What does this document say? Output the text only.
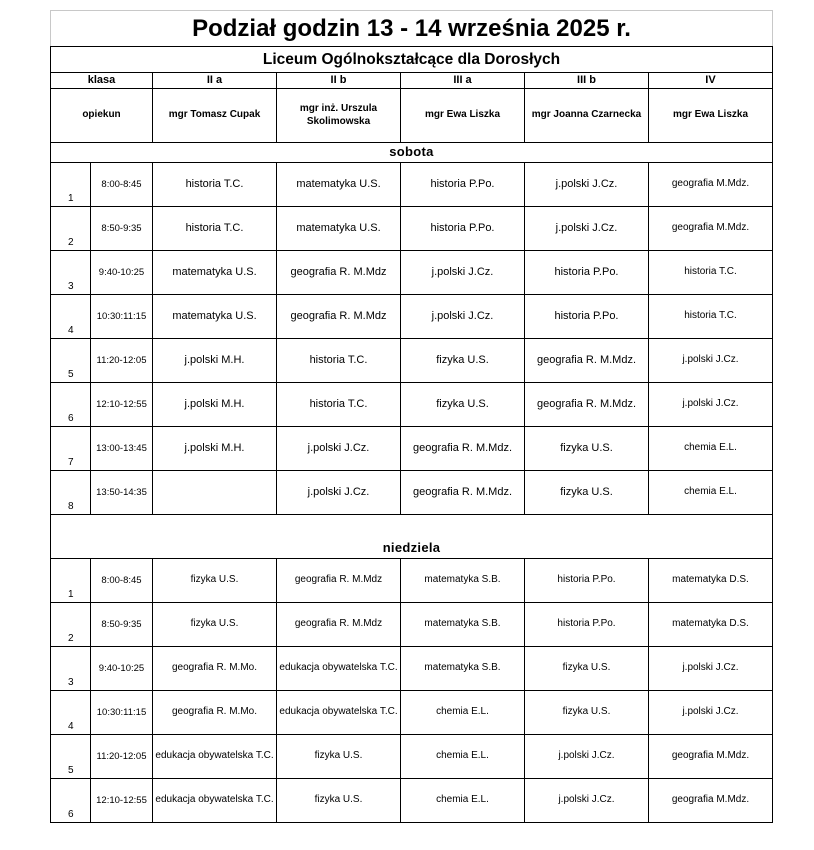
Podział godzin 13 - 14 września 2025 r.						
Liceum Ogólnokształcące dla Dorosłych						
klasa		II a	II b	III a	III b	IV
opiekun		mgr Tomasz Cupak	mgr inż. Urszula Skolimowska	mgr Ewa Liszka	mgr Joanna Czarnecka	mgr Ewa Liszka
sobota						
1	8:00-8:45	historia T.C.	matematyka U.S.	historia P.Po.	j.polski J.Cz.	geografia M.Mdz.
2	8:50-9:35	historia T.C.	matematyka U.S.	historia P.Po.	j.polski J.Cz.	geografia M.Mdz.
3	9:40-10:25	matematyka U.S.	geografia R. M.Mdz	j.polski J.Cz.	historia P.Po.	historia T.C.
4	10:30:11:15	matematyka U.S.	geografia R. M.Mdz	j.polski J.Cz.	historia P.Po.	historia T.C.
5	11:20-12:05	j.polski M.H.	historia T.C.	fizyka U.S.	geografia R. M.Mdz.	j.polski J.Cz.
6	12:10-12:55	j.polski M.H.	historia T.C.	fizyka U.S.	geografia R. M.Mdz.	j.polski J.Cz.
7	13:00-13:45	j.polski M.H.	j.polski J.Cz.	geografia R. M.Mdz.	fizyka U.S.	chemia E.L.
8	13:50-14:35		j.polski J.Cz.	geografia R. M.Mdz.	fizyka U.S.	chemia E.L.
niedziela						
1	8:00-8:45	fizyka U.S.	geografia R. M.Mdz	matematyka S.B.	historia P.Po.	matematyka D.S.
2	8:50-9:35	fizyka U.S.	geografia R. M.Mdz	matematyka S.B.	historia P.Po.	matematyka D.S.
3	9:40-10:25	geografia R. M.Mo.	edukacja obywatelska T.C.	matematyka S.B.	fizyka U.S.	j.polski J.Cz.
4	10:30:11:15	geografia R. M.Mo.	edukacja obywatelska T.C.	chemia E.L.	fizyka U.S.	j.polski J.Cz.
5	11:20-12:05	edukacja obywatelska T.C.	fizyka U.S.	chemia E.L.	j.polski J.Cz.	geografia M.Mdz.
6	12:10-12:55	edukacja obywatelska T.C.	fizyka U.S.	chemia E.L.	j.polski J.Cz.	geografia M.Mdz.
